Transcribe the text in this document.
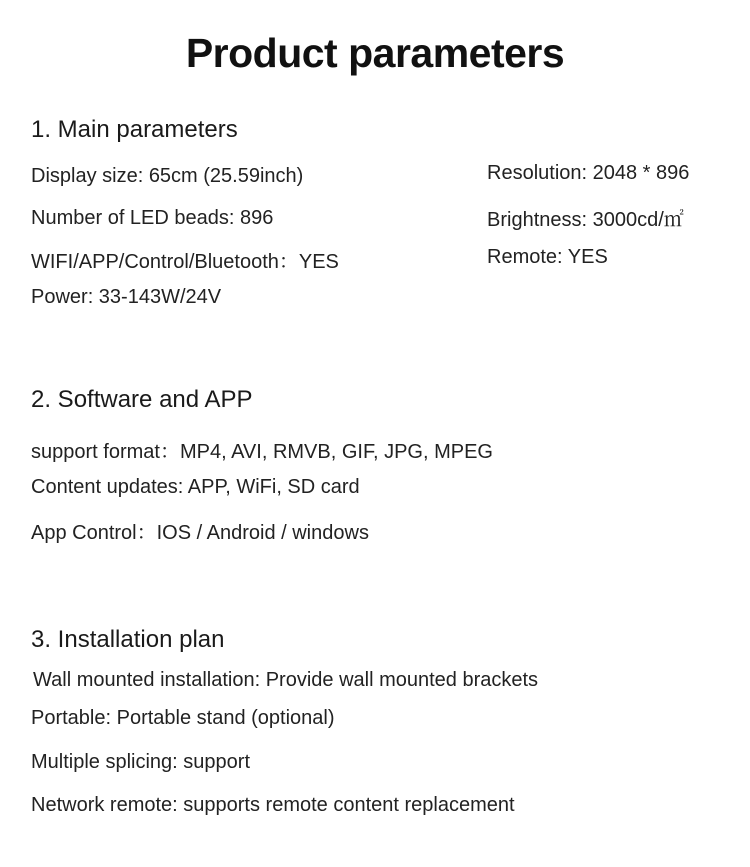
Product parameters
1. Main parameters
Display size: 65cm (25.59inch)
Number of LED beads: 896
WIFI/APP/Control/Bluetooth：YES
Power: 33-143W/24V
Resolution: 2048 * 896
Brightness: 3000cd/㎡
Remote: YES
2. Software and APP
support format：MP4, AVI, RMVB, GIF, JPG, MPEG
Content updates: APP, WiFi, SD card
App Control：IOS / Android / windows
3. Installation plan
Wall mounted installation: Provide wall mounted brackets
Portable: Portable stand (optional)
Multiple splicing: support
Network remote: supports remote content replacement
